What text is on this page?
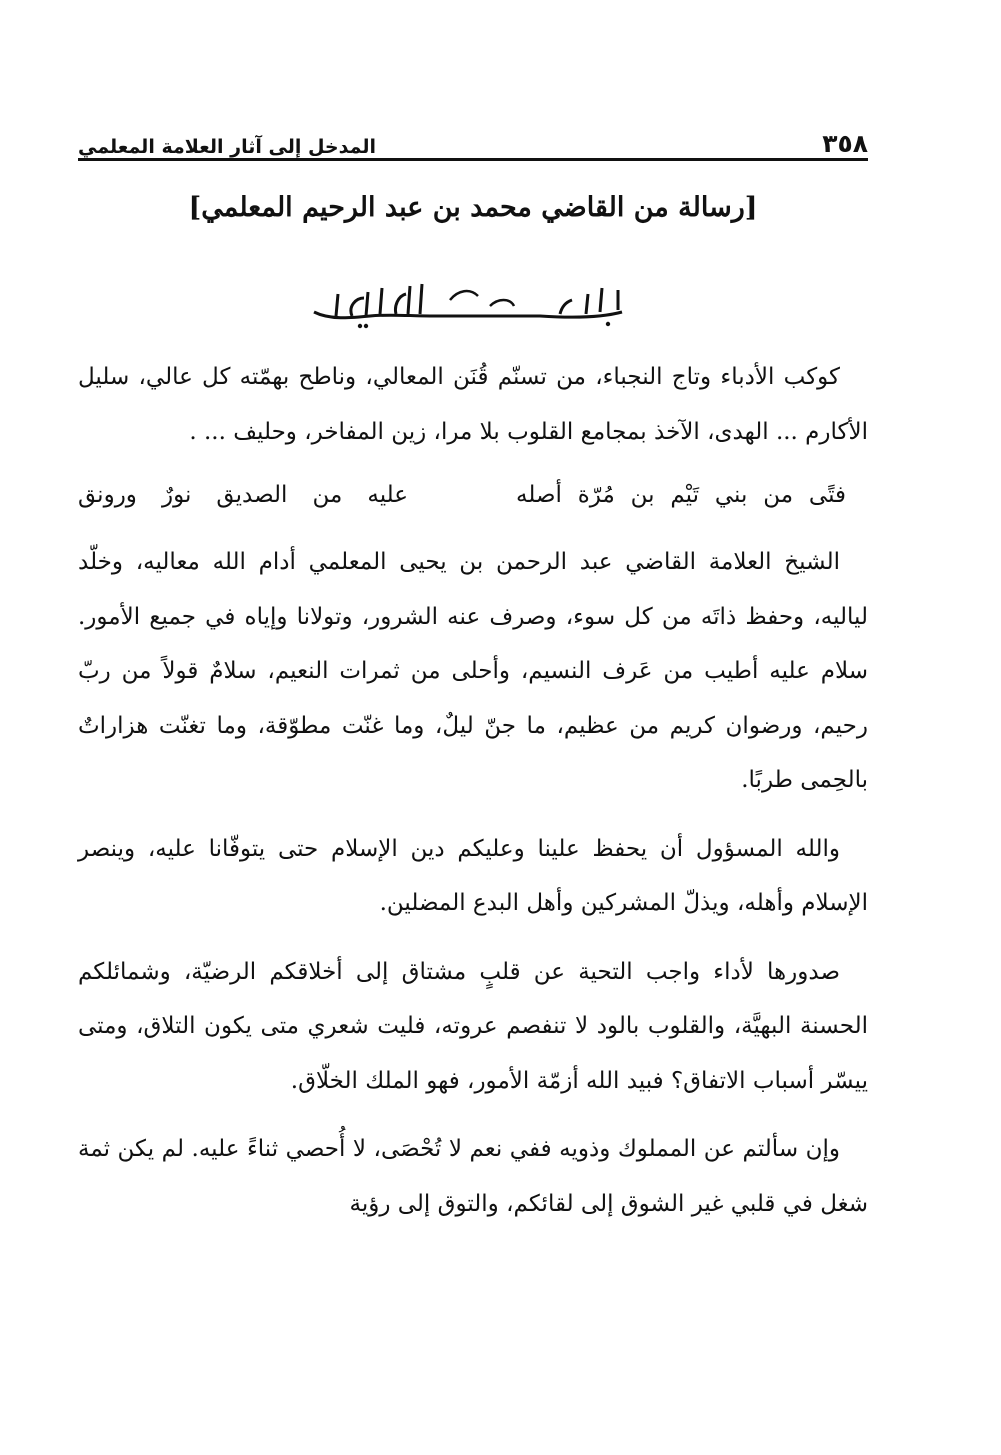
٣٥٨
المدخل إلى آثار العلامة المعلمي
[رسالة من القاضي محمد بن عبد الرحيم المعلمي]

كوكب الأدباء وتاج النجباء، من تسنّم قُنَن المعالي، وناطح بهمّته كل عالي، سليل الأكارم ... الهدى، الآخذ بمجامع القلوب بلا مرا، زين المفاخر، وحليف ... .

فتًى من بني تَيْم بن مُرّة أصله
عليه من الصديق نورٌ ورونق

الشيخ العلامة القاضي عبد الرحمن بن يحيى المعلمي أدام الله معاليه، وخلّد لياليه، وحفظ ذاتَه من كل سوء، وصرف عنه الشرور، وتولانا وإياه في جميع الأمور. سلام عليه أطيب من عَرف النسيم، وأحلى من ثمرات النعيم، سلامٌ قولاً من ربّ رحيم، ورضوان كريم من عظيم، ما جنّ ليلٌ، وما غنّت مطوّقة، وما تغنّت هزاراتٌ بالحِمى طربًا.

والله المسؤول أن يحفظ علينا وعليكم دين الإسلام حتى يتوفّانا عليه، وينصر الإسلام وأهله، ويذلّ المشركين وأهل البدع المضلين.

صدورها لأداء واجب التحية عن قلبٍ مشتاق إلى أخلاقكم الرضيّة، وشمائلكم الحسنة البهيَّة، والقلوب بالود لا تنفصم عروته، فليت شعري متى يكون التلاق، ومتى ييسّر أسباب الاتفاق؟ فبيد الله أزمّة الأمور، فهو الملك الخلّاق.

وإن سألتم عن المملوك وذويه ففي نعم لا تُحْصَى، لا أُحصي ثناءً عليه. لم يكن ثمة شغل في قلبي غير الشوق إلى لقائكم، والتوق إلى رؤية
